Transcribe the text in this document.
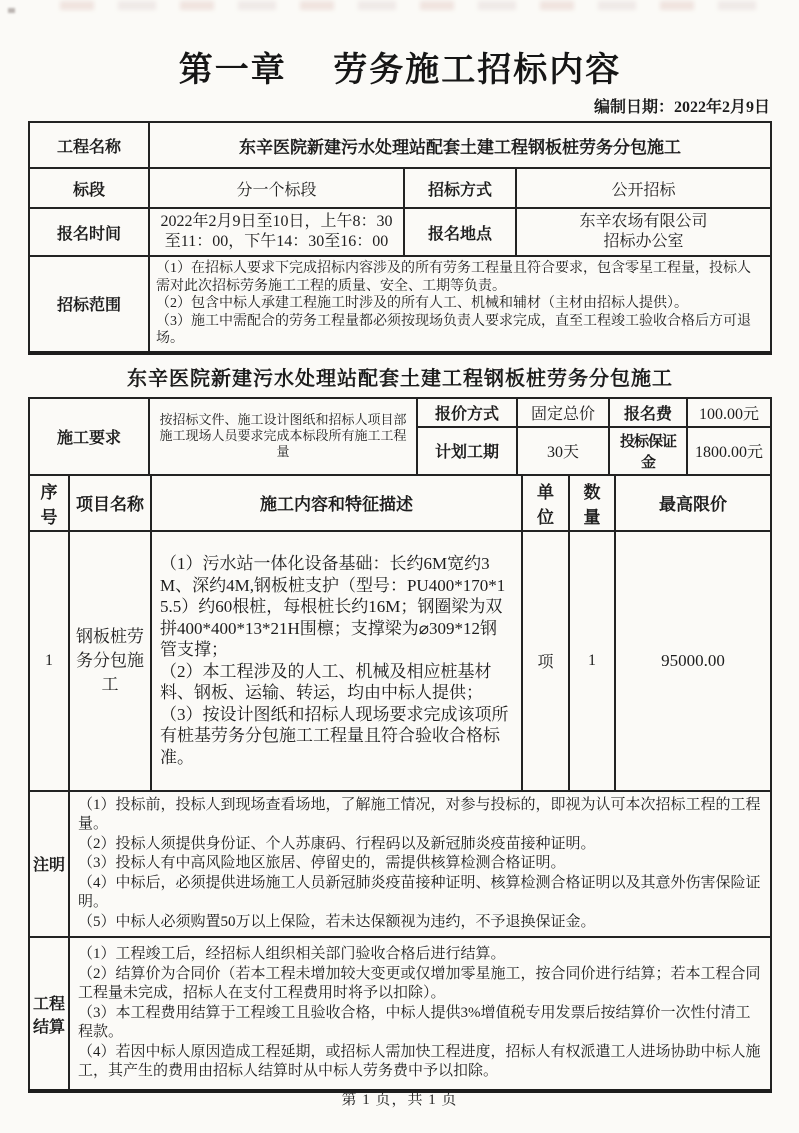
第一章　 劳务施工招标内容
编制日期：2022年2月9日
工程名称	东辛医院新建污水处理站配套土建工程钢板桩劳务分包施工		
标段	分一个标段	招标方式	公开招标
报名时间	2022年2月9日至10日，上午8：30至11：00，下午14：30至16：00	报名地点	东辛农场有限公司
招标办公室

招标范围	（1）在招标人要求下完成招标内容涉及的所有劳务工程量且符合要求，包含零星工程量，投标人需对此次招标劳务施工工程的质量、安全、工期等负责。
（2）包含中标人承建工程施工时涉及的所有人工、机械和辅材（主材由招标人提供）。
（3）施工中需配合的劳务工程量都必须按现场负责人要求完成，直至工程竣工验收合格后方可退场。		
东辛医院新建污水处理站配套土建工程钢板桩劳务分包施工
施工要求	按招标文件、施工设计图纸和招标人项目部施工现场人员要求完成本标段所有施工工程量	报价方式	固定总价	报名费	100.00元
		计划工期	30天	投标保证金	1800.00元
序号	项目名称	施工内容和特征描述	单位	数量	最高限价
1	钢板桩劳务分包施工	（1）污水站一体化设备基础：长约6M宽约3M、深约4M,钢板桩支护（型号：PU400*170*15.5）约60根桩，每根桩长约16M；钢圈梁为双拼400*400*13*21H围檩；支撑梁为⌀309*12钢管支撑；
（2）本工程涉及的人工、机械及相应桩基材料、钢板、运输、转运，均由中标人提供；
（3）按设计图纸和招标人现场要求完成该项所有桩基劳务分包施工工程量且符合验收合格标准。	项	1	95000.00
注明	（1）投标前，投标人到现场查看场地，了解施工情况，对参与投标的，即视为认可本次招标工程的工程量。
（2）投标人须提供身份证、个人苏康码、行程码以及新冠肺炎疫苗接种证明。
（3）投标人有中高风险地区旅居、停留史的，需提供核算检测合格证明。
（4）中标后，必须提供进场施工人员新冠肺炎疫苗接种证明、核算检测合格证明以及其意外伤害保险证明。
（5）中标人必须购置50万以上保险，若未达保额视为违约，不予退换保证金。				

工程结算	（1）工程竣工后，经招标人组织相关部门验收合格后进行结算。
（2）结算价为合同价（若本工程未增加较大变更或仅增加零星施工，按合同价进行结算；若本工程合同工程量未完成，招标人在支付工程费用时将予以扣除）。
（3）本工程费用结算于工程竣工且验收合格，中标人提供3%增值税专用发票后按结算价一次性付清工程款。
（4）若因中标人原因造成工程延期，或招标人需加快工程进度，招标人有权派遣工人进场协助中标人施工，其产生的费用由招标人结算时从中标人劳务费中予以扣除。				
第 1 页，共 1 页
